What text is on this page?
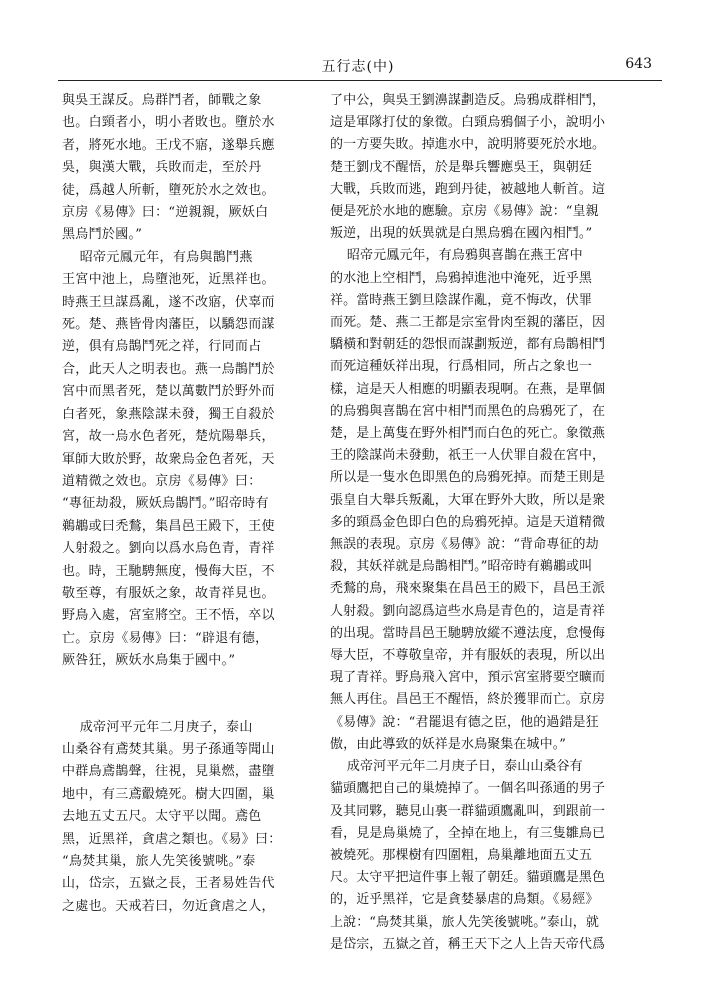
五行志(中)	643

與吳王謀反。烏群鬥者，師戰之象
也。白頸者小，明小者敗也。墮於水
者，將死水地。王戊不寤，遂舉兵應
吳，與漢大戰，兵敗而走，至於丹
徒，爲越人所斬，墮死於水之效也。
京房《易傳》曰：“逆親親，厥妖白
黑烏鬥於國。”

昭帝元鳳元年，有烏與鵲鬥燕
王宮中池上，烏墮池死，近黑祥也。
時燕王旦謀爲亂，遂不改寤，伏辜而
死。楚、燕皆骨肉藩臣，以驕怨而謀
逆，俱有烏鵲鬥死之祥，行同而占
合，此天人之明表也。燕一烏鵲鬥於
宮中而黑者死，楚以萬數鬥於野外而
白者死，象燕陰謀未發，獨王自殺於
宮，故一烏水色者死，楚炕陽舉兵，
軍師大敗於野，故衆烏金色者死，天
道精微之效也。京房《易傳》曰：
“專征劫殺，厥妖烏鵲鬥。”昭帝時有
鵜鶘或曰禿鶖，集昌邑王殿下，王使
人射殺之。劉向以爲水烏色青，青祥
也。時，王馳騁無度，慢侮大臣，不
敬至尊，有服妖之象，故青祥見也。
野鳥入處，宮室將空。王不悟，卒以
亡。京房《易傳》曰：“辟退有德，
厥咎狂，厥妖水鳥集于國中。”

成帝河平元年二月庚子，泰山
山桑谷有鳶焚其巢。男子孫通等聞山
中群鳥鳶鵲聲，往視，見巢燃，盡墮
地中，有三鳶鷇燒死。樹大四圍，巢
去地五丈五尺。太守平以聞。鳶色
黑，近黑祥，貪虐之類也。《易》曰：
“鳥焚其巢，旅人先笑後號咷。”泰
山，岱宗，五嶽之長，王者易姓告代
之處也。天戒若曰，勿近貪虐之人，

了中公，與吳王劉濞謀劃造反。烏鴉成群相鬥，
這是軍隊打仗的象徵。白頸烏鴉個子小，說明小
的一方要失敗。掉進水中，說明將要死於水地。
楚王劉戊不醒悟，於是舉兵響應吳王，與朝廷
大戰，兵敗而逃，跑到丹徒，被越地人斬首。這
便是死於水地的應驗。京房《易傳》說：“皇親
叛逆，出現的妖異就是白黑烏鴉在國內相鬥。”

昭帝元鳳元年，有烏鴉與喜鵲在燕王宮中
的水池上空相鬥，烏鴉掉進池中淹死，近乎黑
祥。當時燕王劉旦陰謀作亂，竟不悔改，伏罪
而死。楚、燕二王都是宗室骨肉至親的藩臣，因
驕橫和對朝廷的怨恨而謀劃叛逆，都有烏鵲相鬥
而死這種妖祥出現，行爲相同，所占之象也一
樣，這是天人相應的明顯表現啊。在燕，是單個
的烏鴉與喜鵲在宮中相鬥而黑色的烏鴉死了，在
楚，是上萬隻在野外相鬥而白色的死亡。象徵燕
王的陰謀尚未發動，祇王一人伏罪自殺在宮中，
所以是一隻水色即黑色的烏鴉死掉。而楚王則是
張皇自大舉兵叛亂，大軍在野外大敗，所以是衆
多的頸爲金色即白色的烏鴉死掉。這是天道精微
無誤的表現。京房《易傳》說：“背命專征的劫
殺，其妖祥就是烏鵲相鬥。”昭帝時有鵜鶘或叫
禿鶖的鳥，飛來聚集在昌邑王的殿下，昌邑王派
人射殺。劉向認爲這些水鳥是青色的，這是青祥
的出現。當時昌邑王馳騁放縱不遵法度，怠慢侮
辱大臣，不尊敬皇帝，并有服妖的表現，所以出
現了青祥。野鳥飛入宮中，預示宮室將要空曠而
無人再住。昌邑王不醒悟，終於獲罪而亡。京房
《易傳》說：“君罷退有德之臣，他的過錯是狂
傲，由此導致的妖祥是水鳥聚集在城中。”

成帝河平元年二月庚子日，泰山山桑谷有
貓頭鷹把自己的巢燒掉了。一個名叫孫通的男子
及其同夥，聽見山裏一群貓頭鷹亂叫，到跟前一
看，見是鳥巢燒了，全掉在地上，有三隻雛鳥已
被燒死。那棵樹有四圍粗，鳥巢離地面五丈五
尺。太守平把這件事上報了朝廷。貓頭鷹是黑色
的，近乎黑祥，它是貪婪暴虐的鳥類。《易經》
上說：“鳥焚其巢，旅人先笑後號咷。”泰山，就
是岱宗，五嶽之首，稱王天下之人上告天帝代爲
